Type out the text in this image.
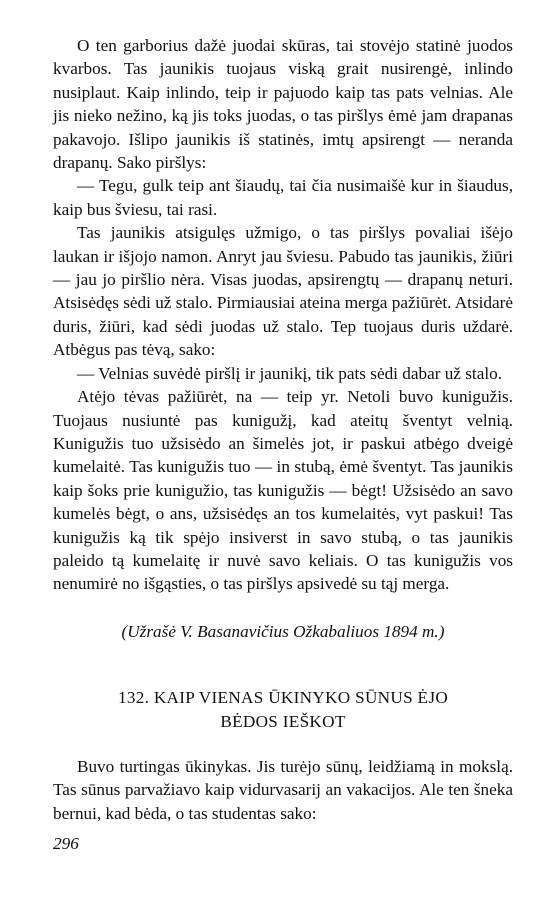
O ten garborius dažė juodai skūras, tai stovėjo statinė juodos kvarbos. Tas jaunikis tuojaus viską grait nusirengė, inlindo nusiplaut. Kaip inlindo, teip ir pajuodo kaip tas pats velnias. Ale jis nieko nežino, ką jis toks juodas, o tas piršlys ėmė jam drapanas pakavojo. Išlipo jaunikis iš statinės, imtų apsirengt — neranda drapanų. Sako piršlys:

— Tegu, gulk teip ant šiaudų, tai čia nusimaišė kur in šiaudus, kaip bus šviesu, tai rasi.

Tas jaunikis atsigulęs užmigo, o tas piršlys povaliai išėjo laukan ir išjojo namon. Anryt jau šviesu. Pabudo tas jaunikis, žiūri — jau jo piršlio nėra. Visas juodas, apsirengtų — drapanų neturi. Atsisėdęs sėdi už stalo. Pirmiausiai ateina merga pažiūrėt. Atsidarė duris, žiūri, kad sėdi juodas už stalo. Tep tuojaus duris uždarė. Atbėgus pas tėvą, sako:

— Velnias suvėdė piršlį ir jaunikį, tik pats sėdi dabar už stalo.

Atėjo tėvas pažiūrėt, na — teip yr. Netoli buvo kunigužis. Tuojaus nusiuntė pas kunigužį, kad ateitų šventyt velnią. Kunigužis tuo užsisėdo an šimelės jot, ir paskui atbėgo dveigė kumelaitė. Tas kunigužis tuo — in stubą, ėmė šventyt. Tas jaunikis kaip šoks prie kunigužio, tas kunigužis — bėgt! Užsisėdo an savo kumelės bėgt, o ans, užsisėdęs an tos kumelaitės, vyt paskui! Tas kunigužis ką tik spėjo insiverst in savo stubą, o tas jaunikis paleido tą kumelaitę ir nuvė savo keliais. O tas kunigužis vos nenumirė no išgąsties, o tas piršlys apsivedė su tąj merga.

(Užrašė V. Basanavičius Ožkabaliuos 1894 m.)
132. KAIP VIENAS ŪKINYKO SŪNUS ĖJO
BĖDOS IEŠKOT

Buvo turtingas ūkinykas. Jis turėjo sūnų, leidžiamą in mokslą. Tas sūnus parvažiavo kaip vidurvasarij an vakacijos. Ale ten šneka bernui, kad bėda, o tas studentas sako:

296
